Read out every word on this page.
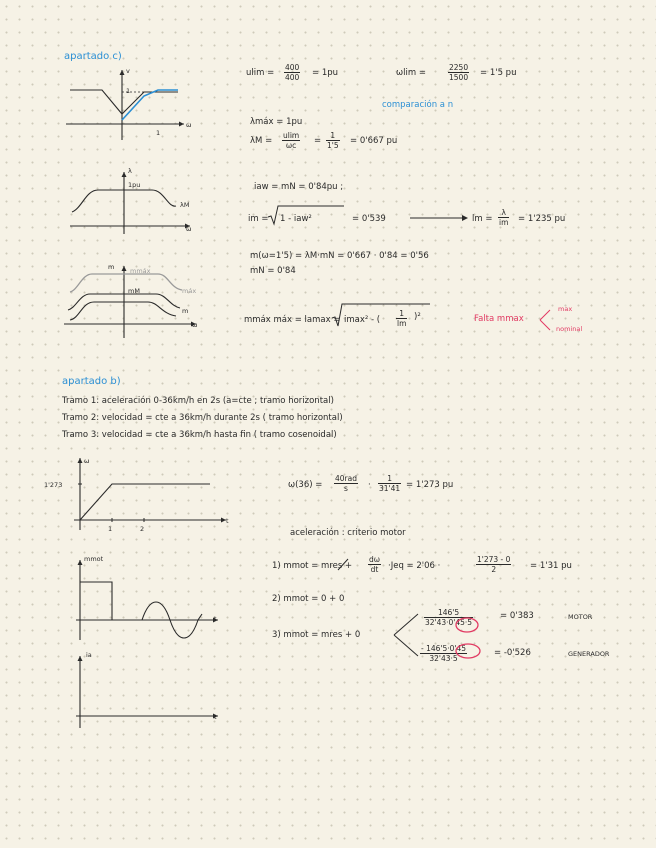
apartado c)
v
1
1
ω
λ
1pu
λM
ω
m mmáx
mM	máx
m
ω
$ulim = \frac{400}{400} = 1pu$	ωlim =	$\frac{2250}{1500} = 1'5$ pu
comparación a n
λmáx = 1pu
$\lambda M = \frac{ulim}{\omega c} = \frac{1}{1'5} = 0'667$ pu
iaw = mN = 0'84pu ;
im = 1 - iaw²	= 0'539	lm = $\frac{\lambda}{im} = 1'235$ pu
m(ω=1'5) = λM·mN = 0'667 · 0'84 = 0'56
mN = 0'84
mmáx máx = lamax = imax² - ( $\frac{1}{lm} )^2$	Falta mmax
max
nominal
apartado b)
Tramo 1: aceleración 0-36km/h en 2s (a=cte ; tramo horizontal)
Tramo 2: velocidad = cte a 36km/h durante 2s ( tramo horizontal)
Tramo 3: velocidad = cte a 36km/h hasta fin ( tramo cosenoidal)
ω
1'273
1	2
t
mmot
t
ia
t
ω(36) =
40rad
s	· $\frac{1}{31'41} = 1'273$ pu
aceleración : criterio motor
1) mmot = mres + $\frac{d\omega}{dt} \cdot Jeq = 2'06$ ·	$\frac{1'273 - 0}{2} = 1'31$ pu
2) mmot = 0 + 0
3) mmot = mres + 0
$\frac{146'5}{32'43\cdot 0'45\cdot 5}$	= 0'383	MOTOR
$\frac{- 146'5\cdot 0'45}{32'43\cdot 5}$	= -0'526	GENERADOR
